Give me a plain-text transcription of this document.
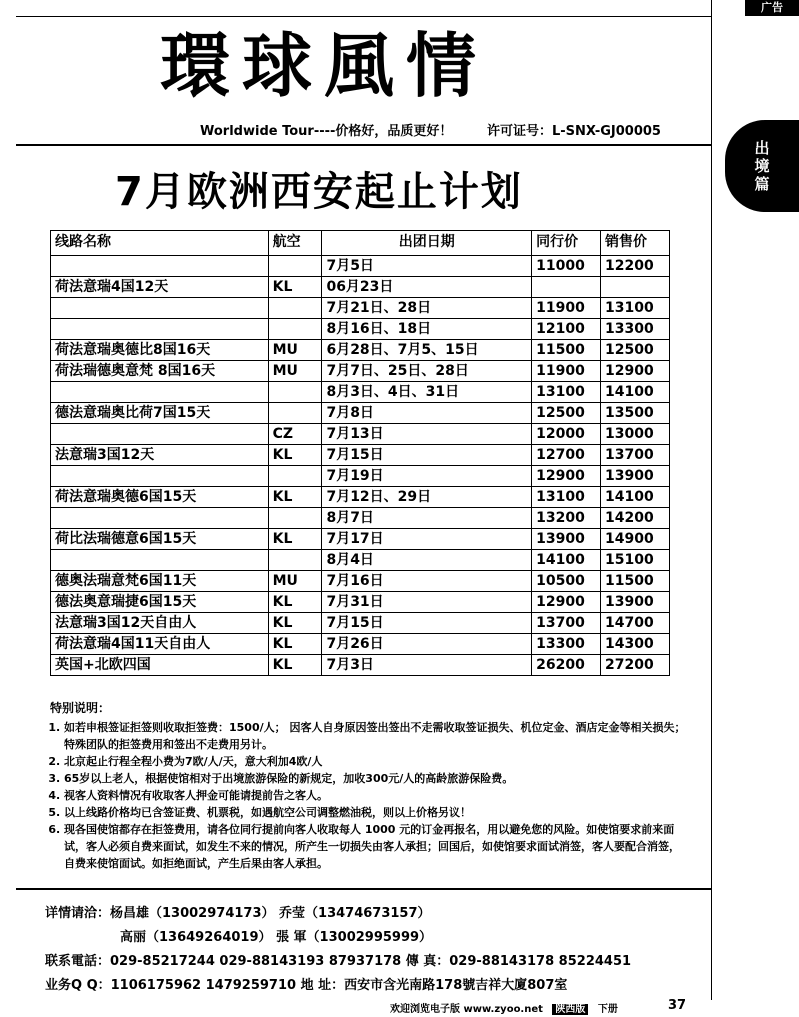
广告
出境篇
環球風情
Worldwide Tour----价格好，品质更好！	许可证号：L-SNX-GJ00005
7月欧洲西安起止计划
线路名称	航空	出团日期	同行价	销售价
		7月5日	11000	12200
荷法意瑞4国12天	KL	06月23日		
		7月21日、28日	11900	13100
		8月16日、18日	12100	13300
荷法意瑞奥德比8国16天	MU	6月28日、7月5、15日	11500	12500
荷法瑞德奥意梵 8国16天	MU	7月7日、25日、28日	11900	12900
		8月3日、4日、31日	13100	14100
德法意瑞奥比荷7国15天		7月8日	12500	13500
	CZ	7月13日	12000	13000
法意瑞3国12天	KL	7月15日	12700	13700
		7月19日	12900	13900
荷法意瑞奥德6国15天	KL	7月12日、29日	13100	14100
		8月7日	13200	14200
荷比法瑞德意6国15天	KL	7月17日	13900	14900
		8月4日	14100	15100
德奥法瑞意梵6国11天	MU	7月16日	10500	11500
德法奥意瑞捷6国15天	KL	7月31日	12900	13900
法意瑞3国12天自由人	KL	7月15日	13700	14700
荷法意瑞4国11天自由人	KL	7月26日	13300	14300
英国+北欧四国	KL	7月3日	26200	27200
特别说明：
1. 如若申根签证拒签则收取拒签费：1500/人； 因客人自身原因签出签出不走需收取签证损失、机位定金、酒店定金等相关损失；特殊团队的拒签费用和签出不走费用另计。
2. 北京起止行程全程小费为7欧/人/天，意大利加4欧/人
3. 65岁以上老人，根据使馆相对于出境旅游保险的新规定，加收300元/人的高龄旅游保险费。
4. 视客人资料情况有收取客人押金可能请提前告之客人。
5. 以上线路价格均已含签证费、机票税，如遇航空公司调整燃油税，则以上价格另议！
6. 现各国使馆都存在拒签费用，请各位同行提前向客人收取每人 1000 元的订金再报名，用以避免您的风险。如使馆要求前来面试，客人必须自费来面试，如发生不来的情况，所产生一切损失由客人承担；回国后，如使馆要求面试消签，客人要配合消签，自费来使馆面试。如拒绝面试，产生后果由客人承担。
详情请洽：杨昌雄（13002974173） 乔莹（13474673157）
高丽（13649264019） 張 軍（13002995999）
联系電話：029-85217244 029-88143193 87937178 傳 真：029-88143178 85224451
业务Q Q：1106175962 1479259710 地 址：西安市含光南路178號吉祥大廈807室
欢迎浏览电子版 www.zyoo.net 陕西版 下册	37
